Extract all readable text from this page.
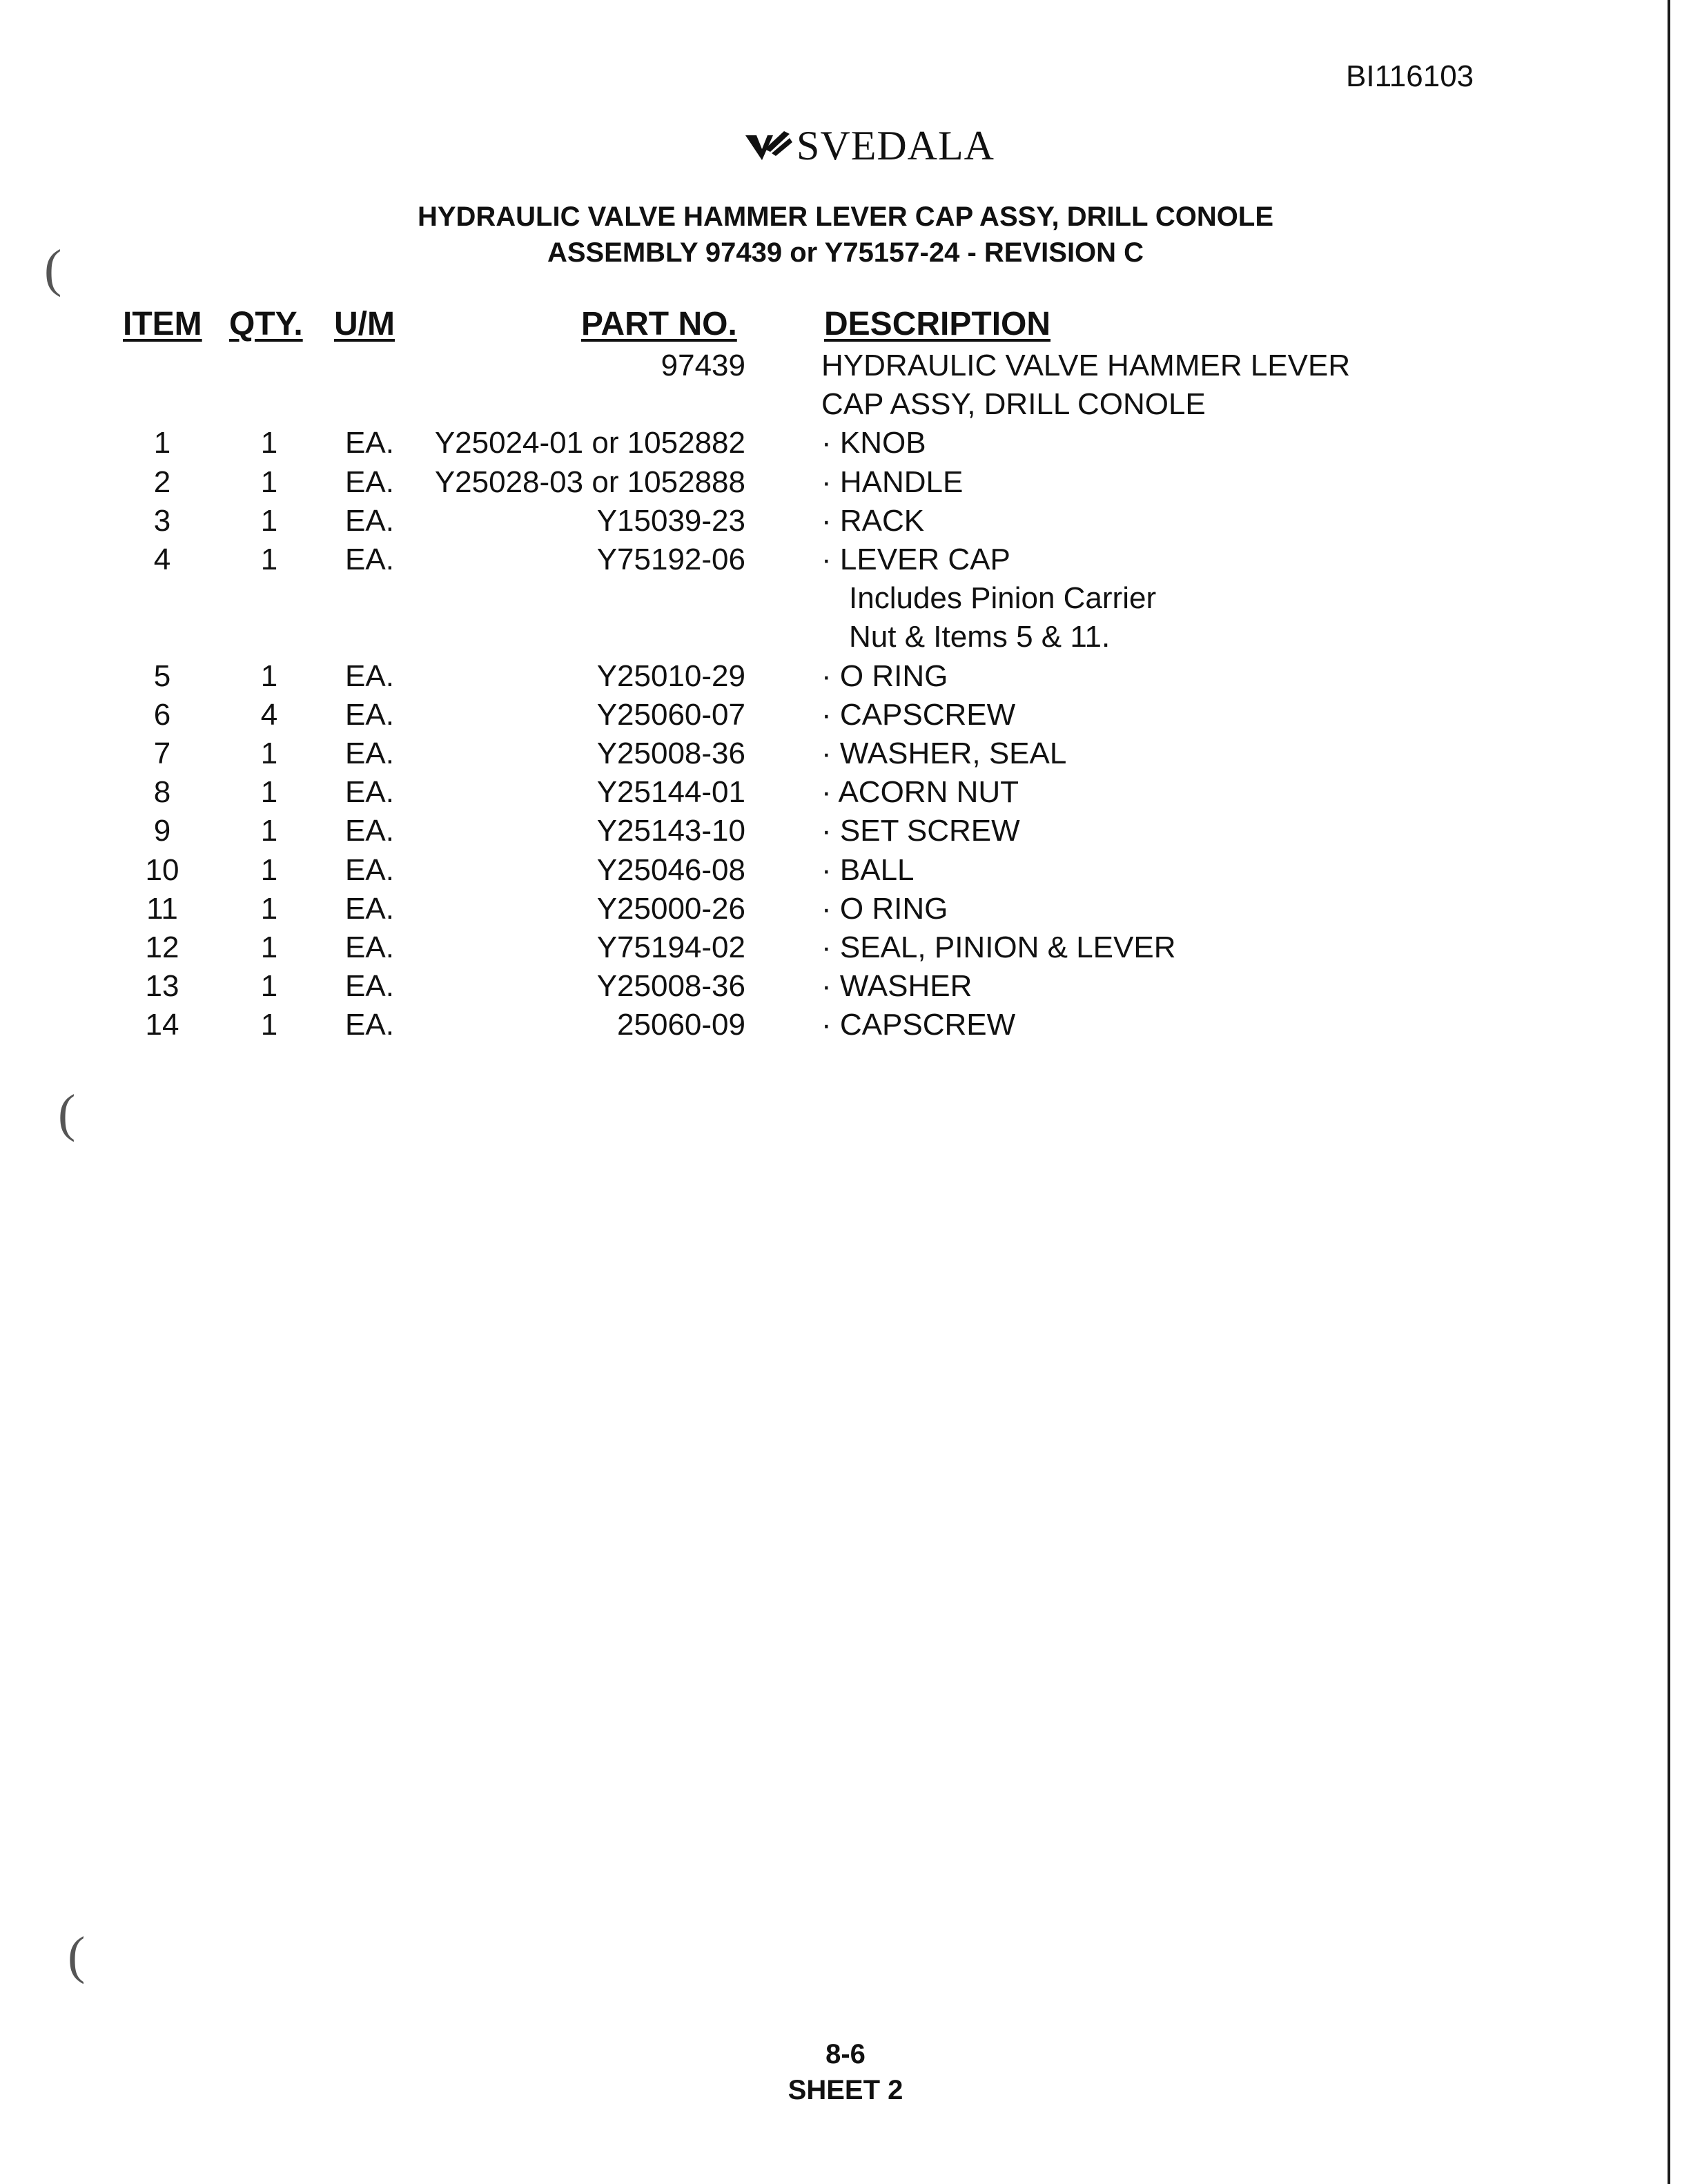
BI116103
SVEDALA
HYDRAULIC VALVE HAMMER LEVER CAP ASSY, DRILL CONOLE
ASSEMBLY 97439 or Y75157-24 - REVISION C
ITEM QTY. U/M	PART NO.	DESCRIPTION
97439	HYDRAULIC VALVE HAMMER LEVER
CAP ASSY, DRILL CONOLE
1	1	EA.	Y25024-01 or 1052882	· KNOB
2	1	EA.	Y25028-03 or 1052888	· HANDLE
3	1	EA.	Y15039-23	· RACK
4	1	EA.	Y75192-06	· LEVER CAP
Includes Pinion Carrier
Nut & Items 5 & 11.
5	1	EA.	Y25010-29	· O RING
6	4	EA.	Y25060-07	· CAPSCREW
7	1	EA.	Y25008-36	· WASHER, SEAL
8	1	EA.	Y25144-01	· ACORN NUT
9	1	EA.	Y25143-10	· SET SCREW
10	1	EA.	Y25046-08	· BALL
11	1	EA.	Y25000-26	· O RING
12	1	EA.	Y75194-02	· SEAL, PINION & LEVER
13	1	EA.	Y25008-36	· WASHER
14	1	EA.	25060-09	· CAPSCREW
(
(
(
8-6
SHEET 2
